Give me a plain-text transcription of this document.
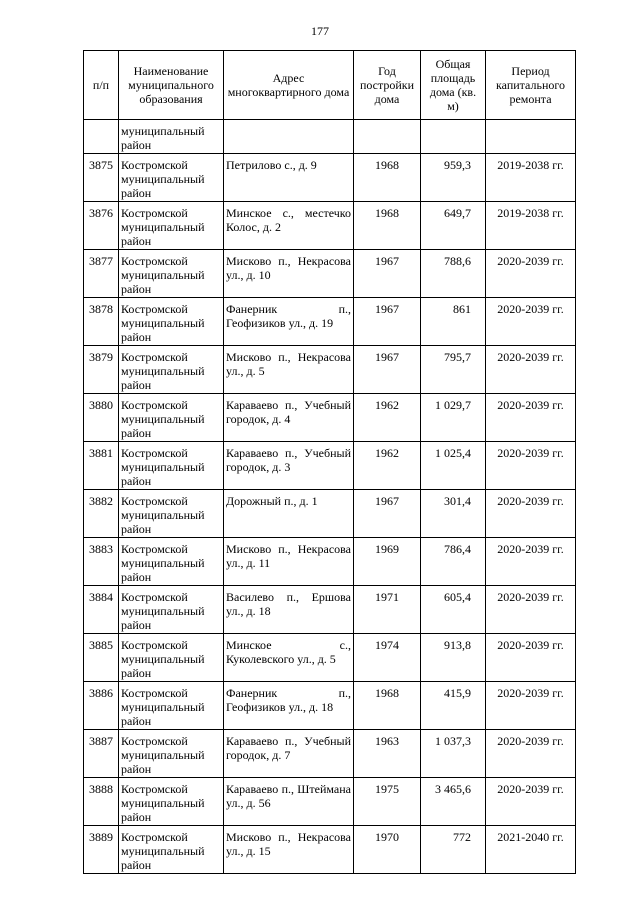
177
п/п	Наименование муниципального образования	Адрес многоквартирного дома	Год постройки дома	Общая площадь дома (кв. м)	Период капитального ремонта
	муниципальный район				
3875	Костромской муниципальный район	Петрилово с., д. 9	1968	959,3	2019-2038 гг.
3876	Костромской муниципальный район	Минское с., местечко Колос, д. 2	1968	649,7	2019-2038 гг.
3877	Костромской муниципальный район	Мисково п., Некрасова ул., д. 10	1967	788,6	2020-2039 гг.
3878	Костромской муниципальный район	Фанерник п., Геофизиков ул., д. 19	1967	861	2020-2039 гг.
3879	Костромской муниципальный район	Мисково п., Некрасова ул., д. 5	1967	795,7	2020-2039 гг.
3880	Костромской муниципальный район	Караваево п., Учебный городок, д. 4	1962	1 029,7	2020-2039 гг.
3881	Костромской муниципальный район	Караваево п., Учебный городок, д. 3	1962	1 025,4	2020-2039 гг.
3882	Костромской муниципальный район	Дорожный п., д. 1	1967	301,4	2020-2039 гг.
3883	Костромской муниципальный район	Мисково п., Некрасова ул., д. 11	1969	786,4	2020-2039 гг.
3884	Костромской муниципальный район	Василево п., Ершова ул., д. 18	1971	605,4	2020-2039 гг.
3885	Костромской муниципальный район	Минское с., Куколевского ул., д. 5	1974	913,8	2020-2039 гг.
3886	Костромской муниципальный район	Фанерник п., Геофизиков ул., д. 18	1968	415,9	2020-2039 гг.
3887	Костромской муниципальный район	Караваево п., Учебный городок, д. 7	1963	1 037,3	2020-2039 гг.
3888	Костромской муниципальный район	Караваево п., Штеймана ул., д. 56	1975	3 465,6	2020-2039 гг.
3889	Костромской муниципальный район	Мисково п., Некрасова ул., д. 15	1970	772	2021-2040 гг.
